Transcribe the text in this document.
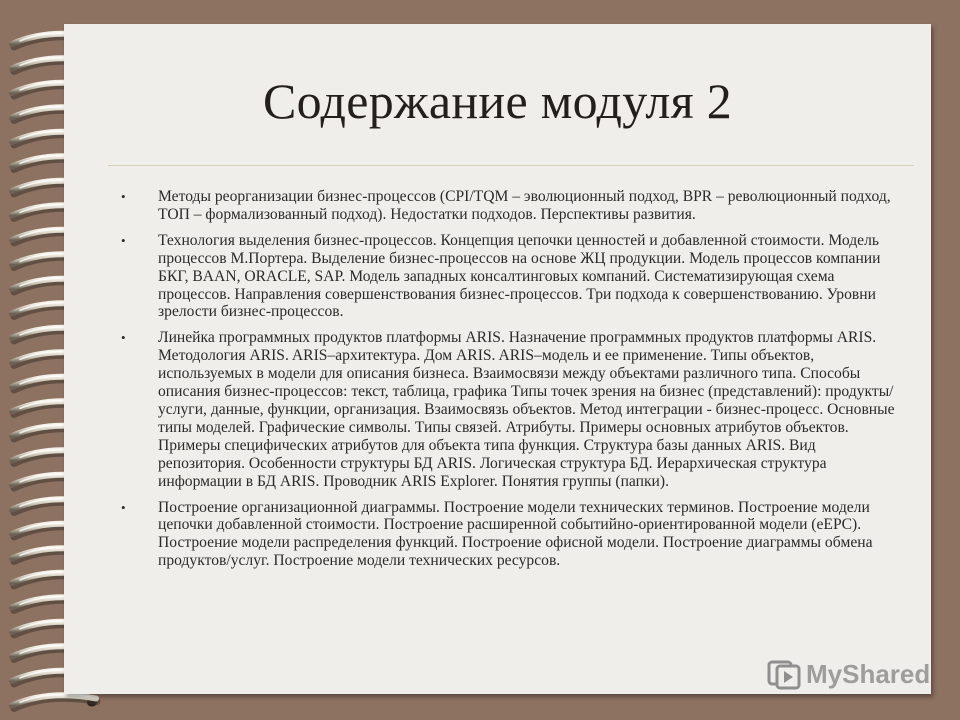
Содержание модуля 2
• Методы реорганизации бизнес-процессов (CPI/TQM – эволюционный подход, BPR – революционный подход, ТОП – формализованный подход). Недостатки подходов. Перспективы развития.
• Технология выделения бизнес-процессов. Концепция цепочки ценностей и добавленной стоимости. Модель процессов М.Портера. Выделение бизнес-процессов на основе ЖЦ продукции. Модель процессов компании БКГ, BAAN, ORACLE, SAP. Модель западных консалтинговых компаний. Систематизирующая схема процессов. Направления совершенствования бизнес-процессов. Три подхода к совершенствованию. Уровни зрелости бизнес-процессов.
• Линейка программных продуктов платформы ARIS. Назначение программных продуктов платформы ARIS. Методология ARIS. ARIS–архитектура. Дом ARIS. ARIS–модель и ее применение. Типы объектов, используемых в модели для описания бизнеса. Взаимосвязи между объектами различного типа. Способы описания бизнес-процессов: текст, таблица, графика Типы точек зрения на бизнес (представлений): продукты/услуги, данные, функции, организация. Взаимосвязь объектов. Метод интеграции - бизнес-процесс. Основные типы моделей. Графические символы. Типы связей. Атрибуты. Примеры основных атрибутов объектов. Примеры специфических атрибутов для объекта типа функция. Структура базы данных ARIS. Вид репозитория. Особенности структуры БД ARIS. Логическая структура БД. Иерархическая структура информации в БД ARIS. Проводник ARIS Explorer. Понятия группы (папки).
• Построение организационной диаграммы. Построение модели технических терминов. Построение модели цепочки добавленной стоимости. Построение расширенной событийно-ориентированной модели (еЕPC). Построение модели распределения функций. Построение офисной модели. Построение диаграммы обмена продуктов/услуг. Построение модели технических ресурсов.
MyShared
